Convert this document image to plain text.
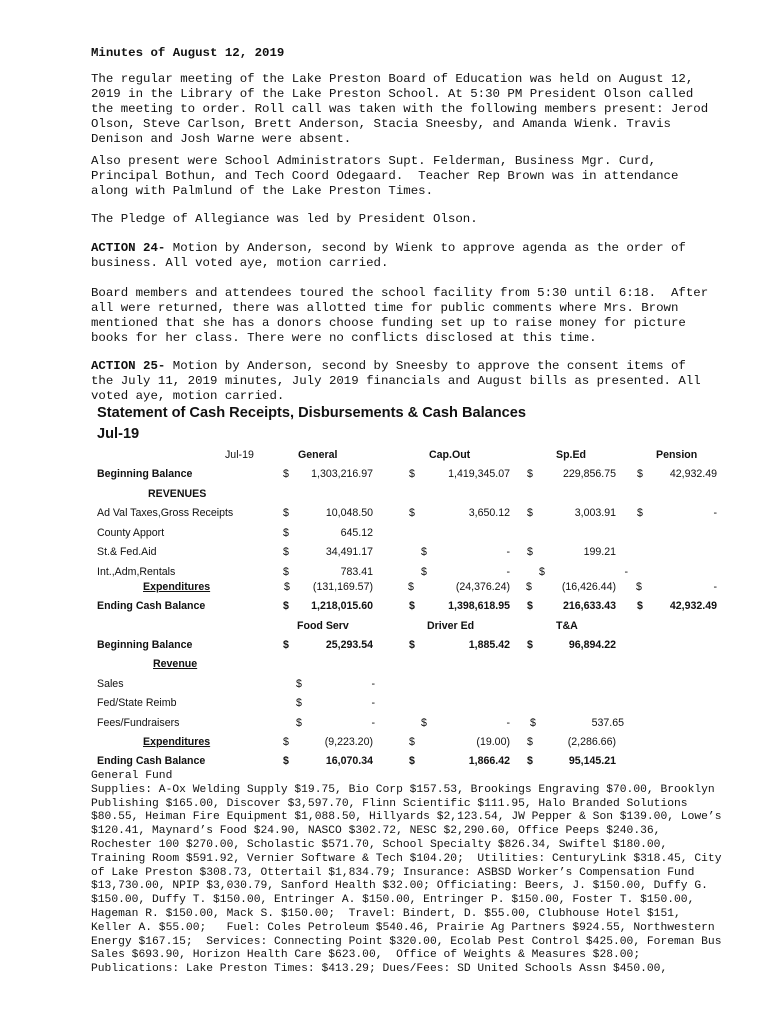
Minutes of August 12, 2019
The regular meeting of the Lake Preston Board of Education was held on August 12,
2019 in the Library of the Lake Preston School. At 5:30 PM President Olson called
the meeting to order. Roll call was taken with the following members present: Jerod
Olson, Steve Carlson, Brett Anderson, Stacia Sneesby, and Amanda Wienk. Travis
Denison and Josh Warne were absent.
Also present were School Administrators Supt. Felderman, Business Mgr. Curd,
Principal Bothun, and Tech Coord Odegaard.  Teacher Rep Brown was in attendance
along with Palmlund of the Lake Preston Times.
The Pledge of Allegiance was led by President Olson.
ACTION 24- Motion by Anderson, second by Wienk to approve agenda as the order of
business. All voted aye, motion carried.
Board members and attendees toured the school facility from 5:30 until 6:18.  After
all were returned, there was allotted time for public comments where Mrs. Brown
mentioned that she has a donors choose funding set up to raise money for picture
books for her class. There were no conflicts disclosed at this time.
ACTION 25- Motion by Anderson, second by Sneesby to approve the consent items of
the July 11, 2019 minutes, July 2019 financials and August bills as presented. All
voted aye, motion carried.
Statement of Cash Receipts, Disbursements & Cash Balances
Jul-19
Jul-19	General	Cap.Out	Sp.Ed	Pension
Beginning Balance	$ 1,303,216.97	$	1,419,345.07 $	229,856.75 $	42,932.49
REVENUES
Ad Val Taxes,Gross Receipts	$	10,048.50	$	3,650.12 $	3,003.91 $	-
County Apport	$	645.12
St.& Fed.Aid	$	34,491.17	$	- $	199.21
Int.,Adm,Rentals	$	783.41	$	-	$	-
Expenditures	$ (131,169.57)	$	(24,376.24) $	(16,426.44) $	-
Ending Cash Balance	$ 1,218,015.60	$	1,398,618.95 $	216,633.43 $	42,932.49
Food Serv	Driver Ed	T&A
Beginning Balance	$	25,293.54	$	1,885.42 $	96,894.22
Revenue
Sales	$	-
Fed/State Reimb	$	-
Fees/Fundraisers	$	-	$	- $	537.65
Expenditures	$	(9,223.20)	$	(19.00) $	(2,286.66)
Ending Cash Balance	$	16,070.34	$	1,866.42 $	95,145.21
General Fund
Supplies: A-Ox Welding Supply $19.75, Bio Corp $157.53, Brookings Engraving $70.00, Brooklyn
Publishing $165.00, Discover $3,597.70, Flinn Scientific $111.95, Halo Branded Solutions
$80.55, Heiman Fire Equipment $1,088.50, Hillyards $2,123.54, JW Pepper & Son $139.00, Lowe’s
$120.41, Maynard’s Food $24.90, NASCO $302.72, NESC $2,290.60, Office Peeps $240.36,
Rochester 100 $270.00, Scholastic $571.70, School Specialty $826.34, Swiftel $180.00,
Training Room $591.92, Vernier Software & Tech $104.20;  Utilities: CenturyLink $318.45, City
of Lake Preston $308.73, Ottertail $1,834.79; Insurance: ASBSD Worker’s Compensation Fund
$13,730.00, NPIP $3,030.79, Sanford Health $32.00; Officiating: Beers, J. $150.00, Duffy G.
$150.00, Duffy T. $150.00, Entringer A. $150.00, Entringer P. $150.00, Foster T. $150.00,
Hageman R. $150.00, Mack S. $150.00;  Travel: Bindert, D. $55.00, Clubhouse Hotel $151,
Keller A. $55.00;   Fuel: Coles Petroleum $540.46, Prairie Ag Partners $924.55, Northwestern
Energy $167.15;  Services: Connecting Point $320.00, Ecolab Pest Control $425.00, Foreman Bus
Sales $693.90, Horizon Health Care $623.00,  Office of Weights & Measures $28.00;
Publications: Lake Preston Times: $413.29; Dues/Fees: SD United Schools Assn $450.00,
